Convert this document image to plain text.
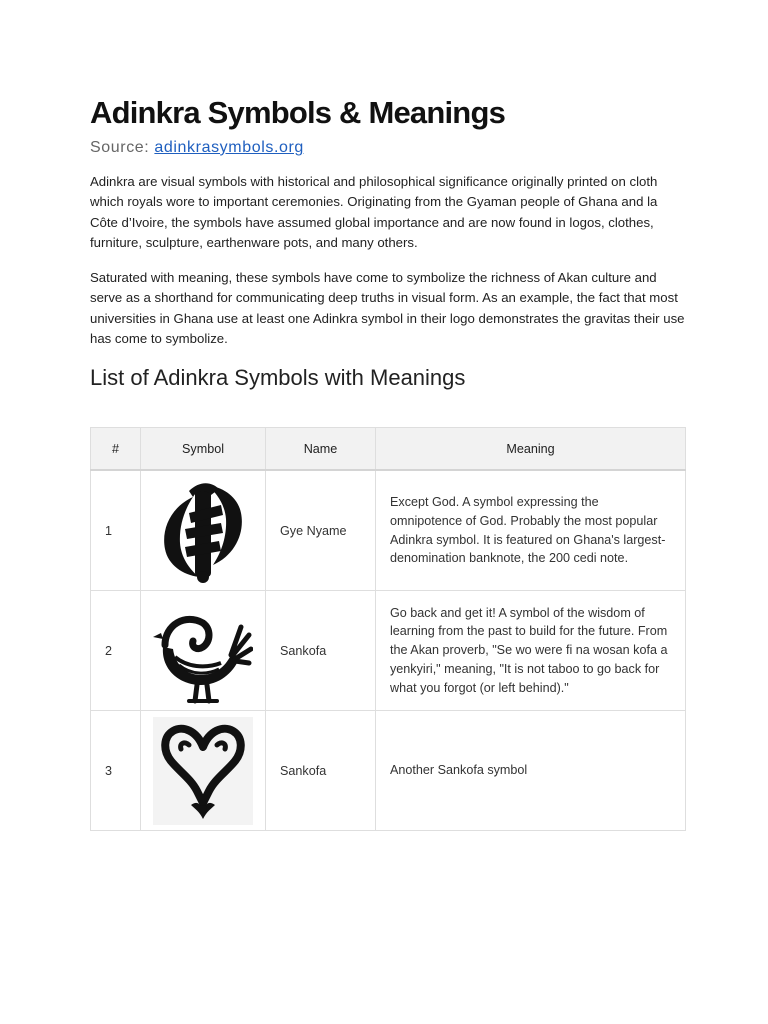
Adinkra Symbols & Meanings
Source: adinkrasymbols.org
Adinkra are visual symbols with historical and philosophical significance originally printed on cloth which royals wore to important ceremonies. Originating from the Gyaman people of Ghana and la Côte d’Ivoire, the symbols have assumed global importance and are now found in logos, clothes, furniture, sculpture, earthenware pots, and many others.
Saturated with meaning, these symbols have come to symbolize the richness of Akan culture and serve as a shorthand for communicating deep truths in visual form. As an example, the fact that most universities in Ghana use at least one Adinkra symbol in their logo demonstrates the gravitas their use has come to symbolize.
List of Adinkra Symbols with Meanings
#	Symbol	Name	Meaning
1		Gye Nyame	Except God. A symbol expressing the omnipotence of God. Probably the most popular Adinkra symbol. It is featured on Ghana's largest-denomination banknote, the 200 cedi note.
2		Sankofa	Go back and get it! A symbol of the wisdom of learning from the past to build for the future. From the Akan proverb, "Se wo were fi na wosan kofa a yenkyiri," meaning, "It is not taboo to go back for what you forgot (or left behind)."
3		Sankofa	Another Sankofa symbol
